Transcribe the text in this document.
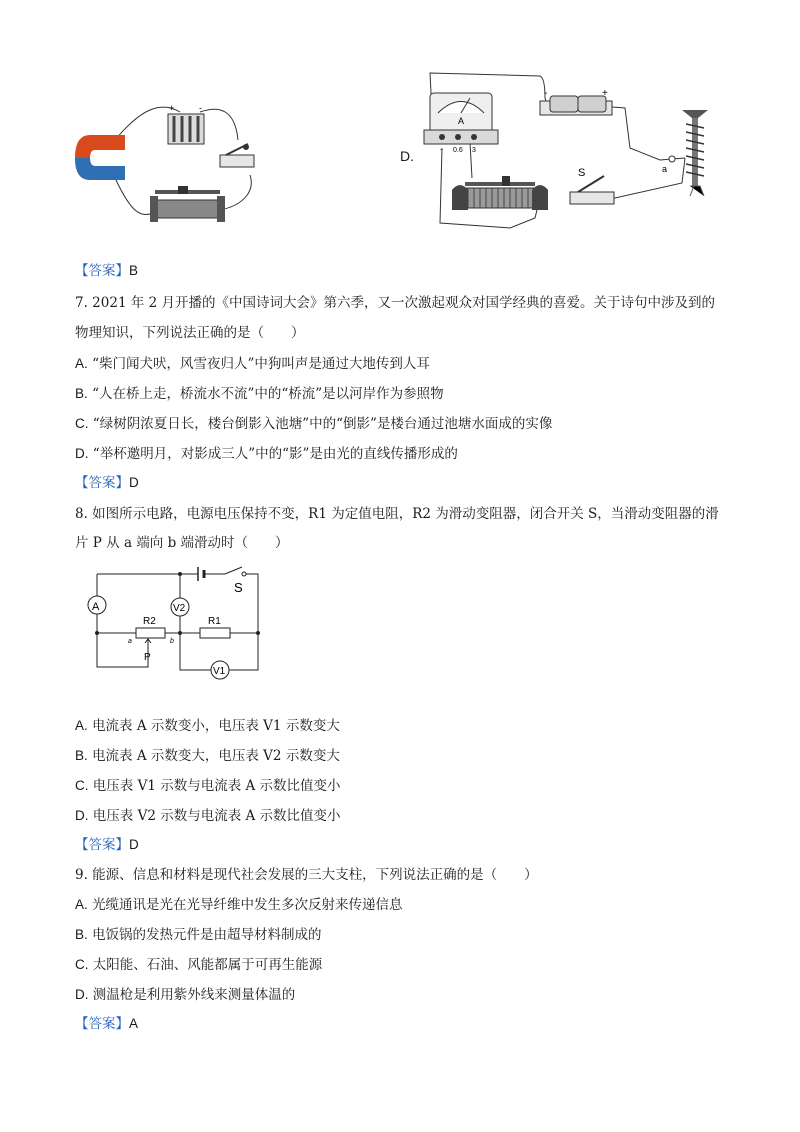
+	-
D.
A
- 0.6 3
-	+
a
S
【答案】B
7. 2021 年 2 月开播的《中国诗词大会》第六季，又一次激起观众对国学经典的喜爱。关于诗句中涉及到的
物理知识，下列说法正确的是（　　）
A. “柴门闻犬吠，风雪夜归人”中狗叫声是通过大地传到人耳
B. “人在桥上走，桥流水不流”中的“桥流”是以河岸作为参照物
C. “绿树阴浓夏日长，楼台倒影入池塘”中的“倒影”是楼台通过池塘水面成的实像
D. “举杯邀明月，对影成三人”中的“影”是由光的直线传播形成的
【答案】D
8. 如图所示电路，电源电压保持不变，R1 为定值电阻，R2 为滑动变阻器，闭合开关 S，当滑动变阻器的滑
片 P 从 a 端向 b 端滑动时（　　）
S
A	V2
R2
P
a	b
R1
V1
A. 电流表 A 示数变小，电压表 V1 示数变大
B. 电流表 A 示数变大，电压表 V2 示数变大
C. 电压表 V1 示数与电流表 A 示数比值变小
D. 电压表 V2 示数与电流表 A 示数比值变小
【答案】D
9. 能源、信息和材料是现代社会发展的三大支柱，下列说法正确的是（　　）
A. 光缆通讯是光在光导纤维中发生多次反射来传递信息
B. 电饭锅的发热元件是由超导材料制成的
C. 太阳能、石油、风能都属于可再生能源
D. 测温枪是利用紫外线来测量体温的
【答案】A
